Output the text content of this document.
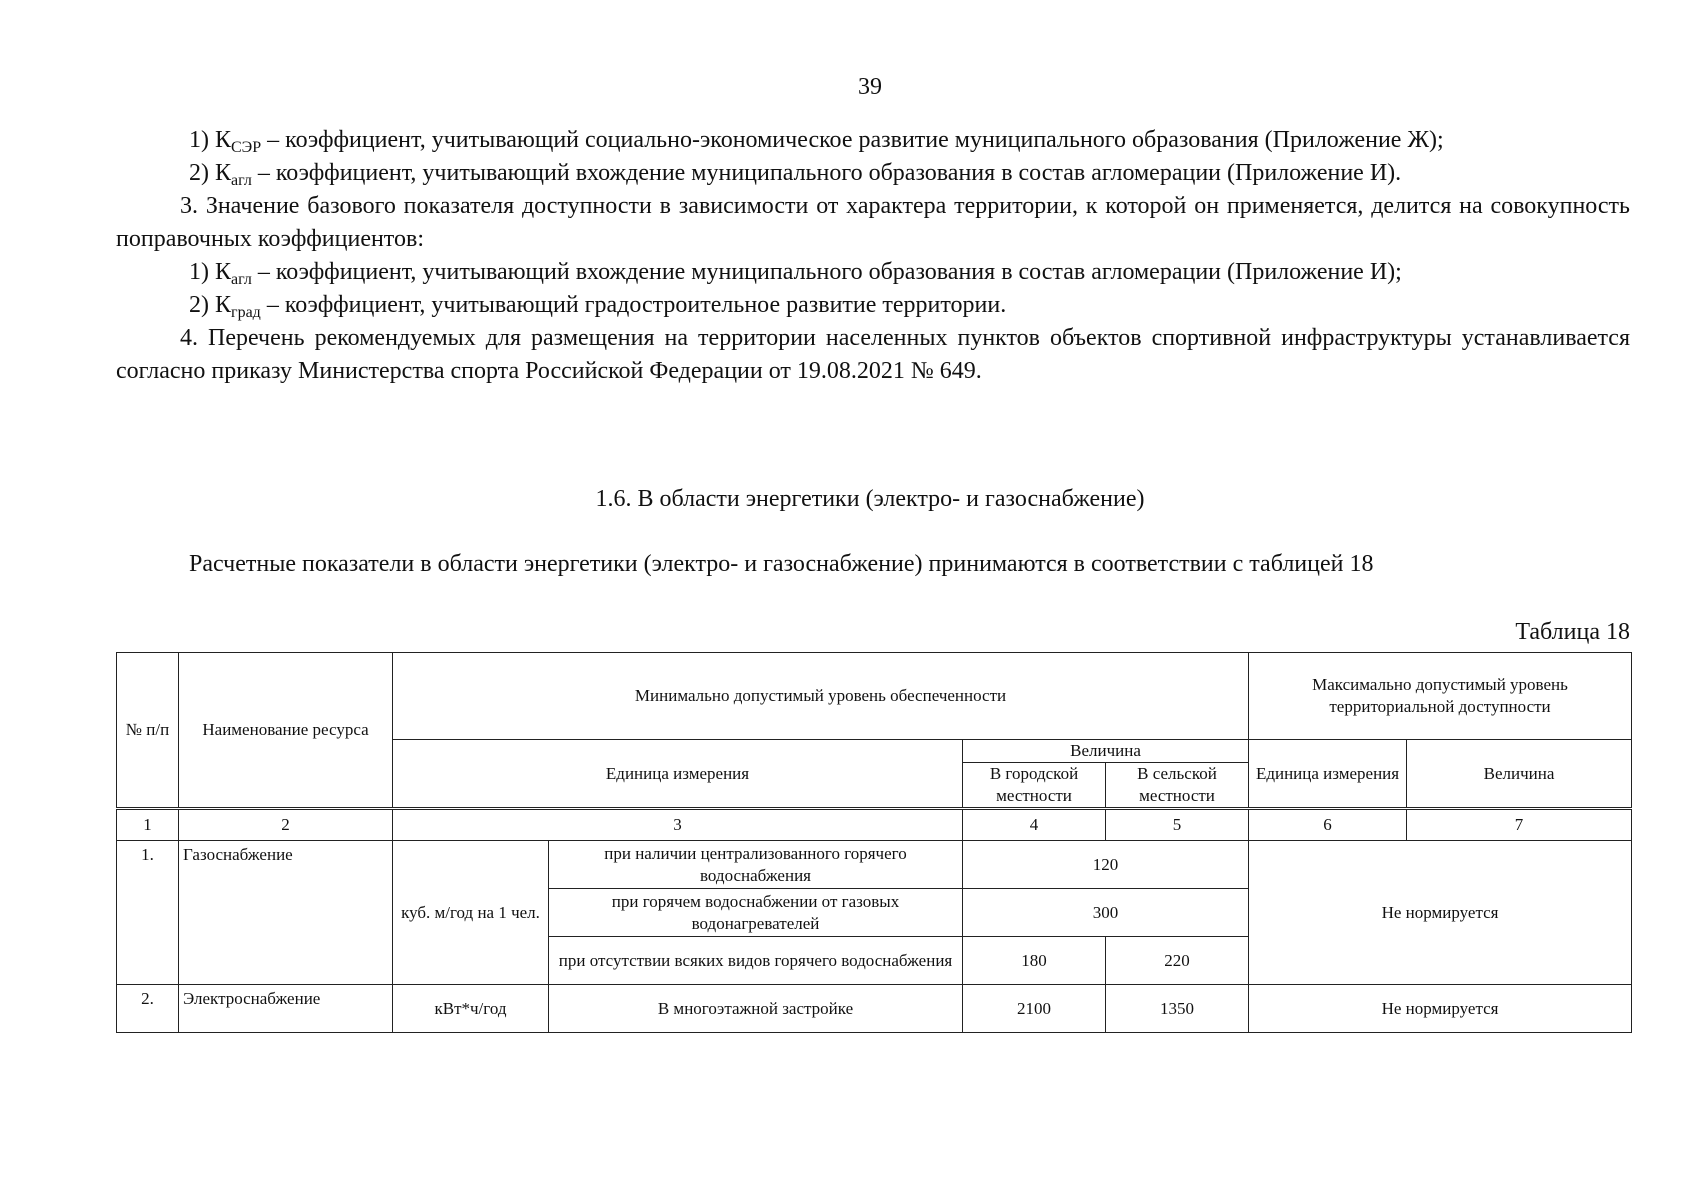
39

1) $К_{СЭР}$ – коэффициент, учитывающий социально-экономическое развитие муниципального образования (Приложение Ж);

2) $К_{агл}$ – коэффициент, учитывающий вхождение муниципального образования в состав агломерации (Приложение И).

3. Значение базового показателя доступности в зависимости от характера территории, к которой он применяется, делится на совокупность поправочных коэффициентов:

1) $К_{агл}$ – коэффициент, учитывающий вхождение муниципального образования в состав агломерации (Приложение И);

2) $К_{град}$ – коэффициент, учитывающий градостроительное развитие территории.

4. Перечень рекомендуемых для размещения на территории населенных пунктов объектов спортивной инфраструктуры устанавливается согласно приказу Министерства спорта Российской Федерации от 19.08.2021 № 649.

1.6. В области энергетики (электро- и газоснабжение)
Расчетные показатели в области энергетики (электро- и газоснабжение) принимаются в соответствии с таблицей 18
Таблица 18
№ п/п	Наименование ресурса	Минимально допустимый уровень обеспеченности				Максимально допустимый уровень территориальной доступности	
		Единица измерения		Величина		Единица измерения	Величина
				В городской местности	В сельской местности		
1	2	3		4	5	6	7
1.	Газоснабжение	куб. м/год на 1 чел.	при наличии централизованного горячего водоснабжения	120		Не нормируется	
			при горячем водоснабжении от газовых водонагревателей	300			
			при отсутствии всяких видов горячего водоснабжения	180	220		
2.	Электроснабжение	кВт*ч/год	В многоэтажной застройке	2100	1350	Не нормируется	
